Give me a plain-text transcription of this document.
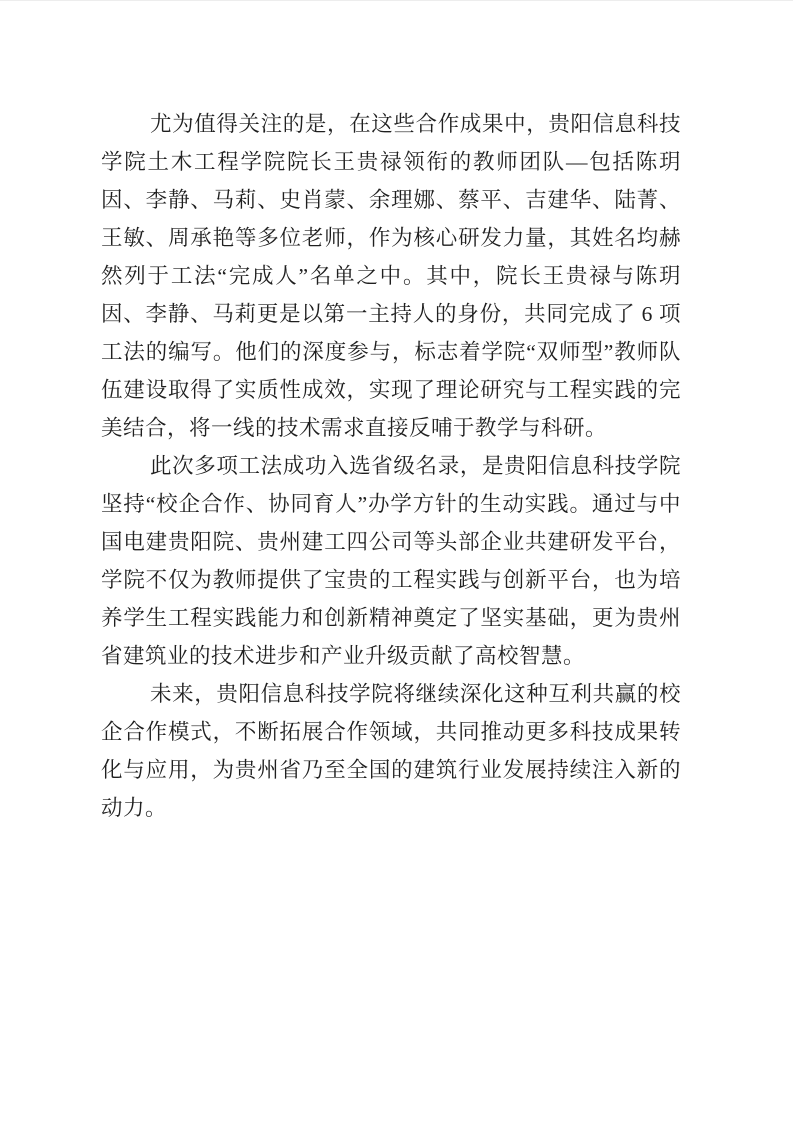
尤为值得关注的是，在这些合作成果中，贵阳信息科技学院土木工程学院院长王贵禄领衔的教师团队—包括陈玥因、李静、马莉、史肖蒙、余理娜、蔡平、吉建华、陆菁、王敏、周承艳等多位老师，作为核心研发力量，其姓名均赫然列于工法“完成人”名单之中。其中，院长王贵禄与陈玥因、李静、马莉更是以第一主持人的身份，共同完成了 6 项工法的编写。他们的深度参与，标志着学院“双师型”教师队伍建设取得了实质性成效，实现了理论研究与工程实践的完美结合，将一线的技术需求直接反哺于教学与科研。

此次多项工法成功入选省级名录，是贵阳信息科技学院坚持“校企合作、协同育人”办学方针的生动实践。通过与中国电建贵阳院、贵州建工四公司等头部企业共建研发平台，学院不仅为教师提供了宝贵的工程实践与创新平台，也为培养学生工程实践能力和创新精神奠定了坚实基础，更为贵州省建筑业的技术进步和产业升级贡献了高校智慧。

未来，贵阳信息科技学院将继续深化这种互利共赢的校企合作模式，不断拓展合作领域，共同推动更多科技成果转化与应用，为贵州省乃至全国的建筑行业发展持续注入新的动力。
